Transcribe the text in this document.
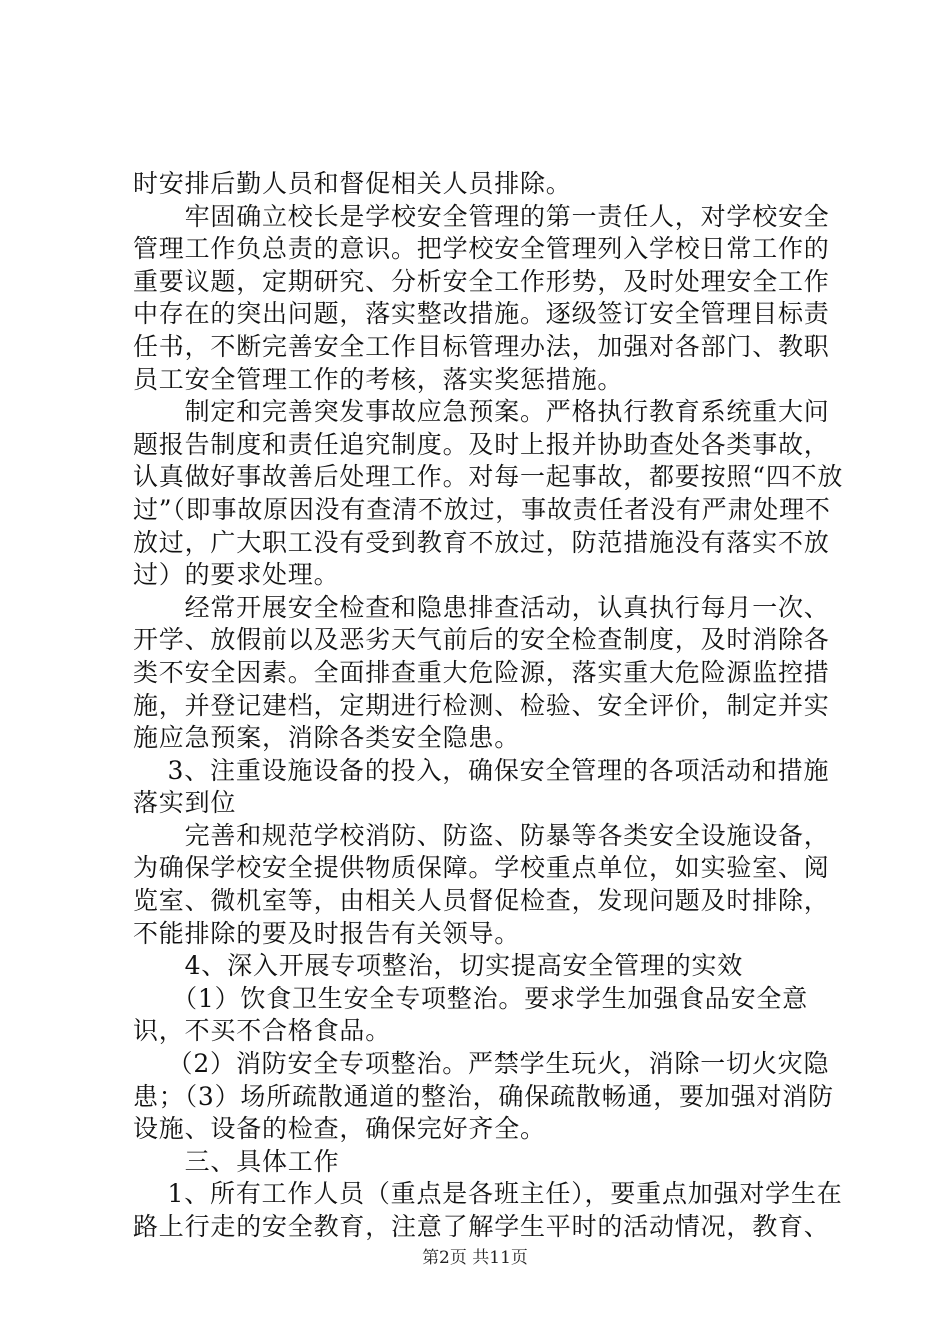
时安排后勤人员和督促相关人员排除。

　　牢固确立校长是学校安全管理的第一责任人，对学校安全管理工作负总责的意识。把学校安全管理列入学校日常工作的重要议题，定期研究、分析安全工作形势，及时处理安全工作中存在的突出问题，落实整改措施。逐级签订安全管理目标责任书，不断完善安全工作目标管理办法，加强对各部门、教职员工安全管理工作的考核，落实奖惩措施。

　　制定和完善突发事故应急预案。严格执行教育系统重大问题报告制度和责任追究制度。及时上报并协助查处各类事故，认真做好事故善后处理工作。对每一起事故，都要按照“四不放过”（即事故原因没有查清不放过，事故责任者没有严肃处理不放过，广大职工没有受到教育不放过，防范措施没有落实不放过）的要求处理。

　　经常开展安全检查和隐患排查活动，认真执行每月一次、开学、放假前以及恶劣天气前后的安全检查制度，及时消除各类不安全因素。全面排查重大危险源，落实重大危险源监控措施，并登记建档，定期进行检测、检验、安全评价，制定并实施应急预案，消除各类安全隐患。

　 3、注重设施设备的投入，确保安全管理的各项活动和措施落实到位

　　完善和规范学校消防、防盗、防暴等各类安全设施设备，为确保学校安全提供物质保障。学校重点单位，如实验室、阅览室、微机室等，由相关人员督促检查，发现问题及时排除，不能排除的要及时报告有关领导。

　　4、深入开展专项整治，切实提高安全管理的实效

　　（1）饮食卫生安全专项整治。要求学生加强食品安全意识，不买不合格食品。

　 （2）消防安全专项整治。严禁学生玩火，消除一切火灾隐患；（3）场所疏散通道的整治，确保疏散畅通，要加强对消防设施、设备的检查，确保完好齐全。

　　三、具体工作

　 1、所有工作人员（重点是各班主任），要重点加强对学生在路上行走的安全教育，注意了解学生平时的活动情况，教育、

第2页 共11页
